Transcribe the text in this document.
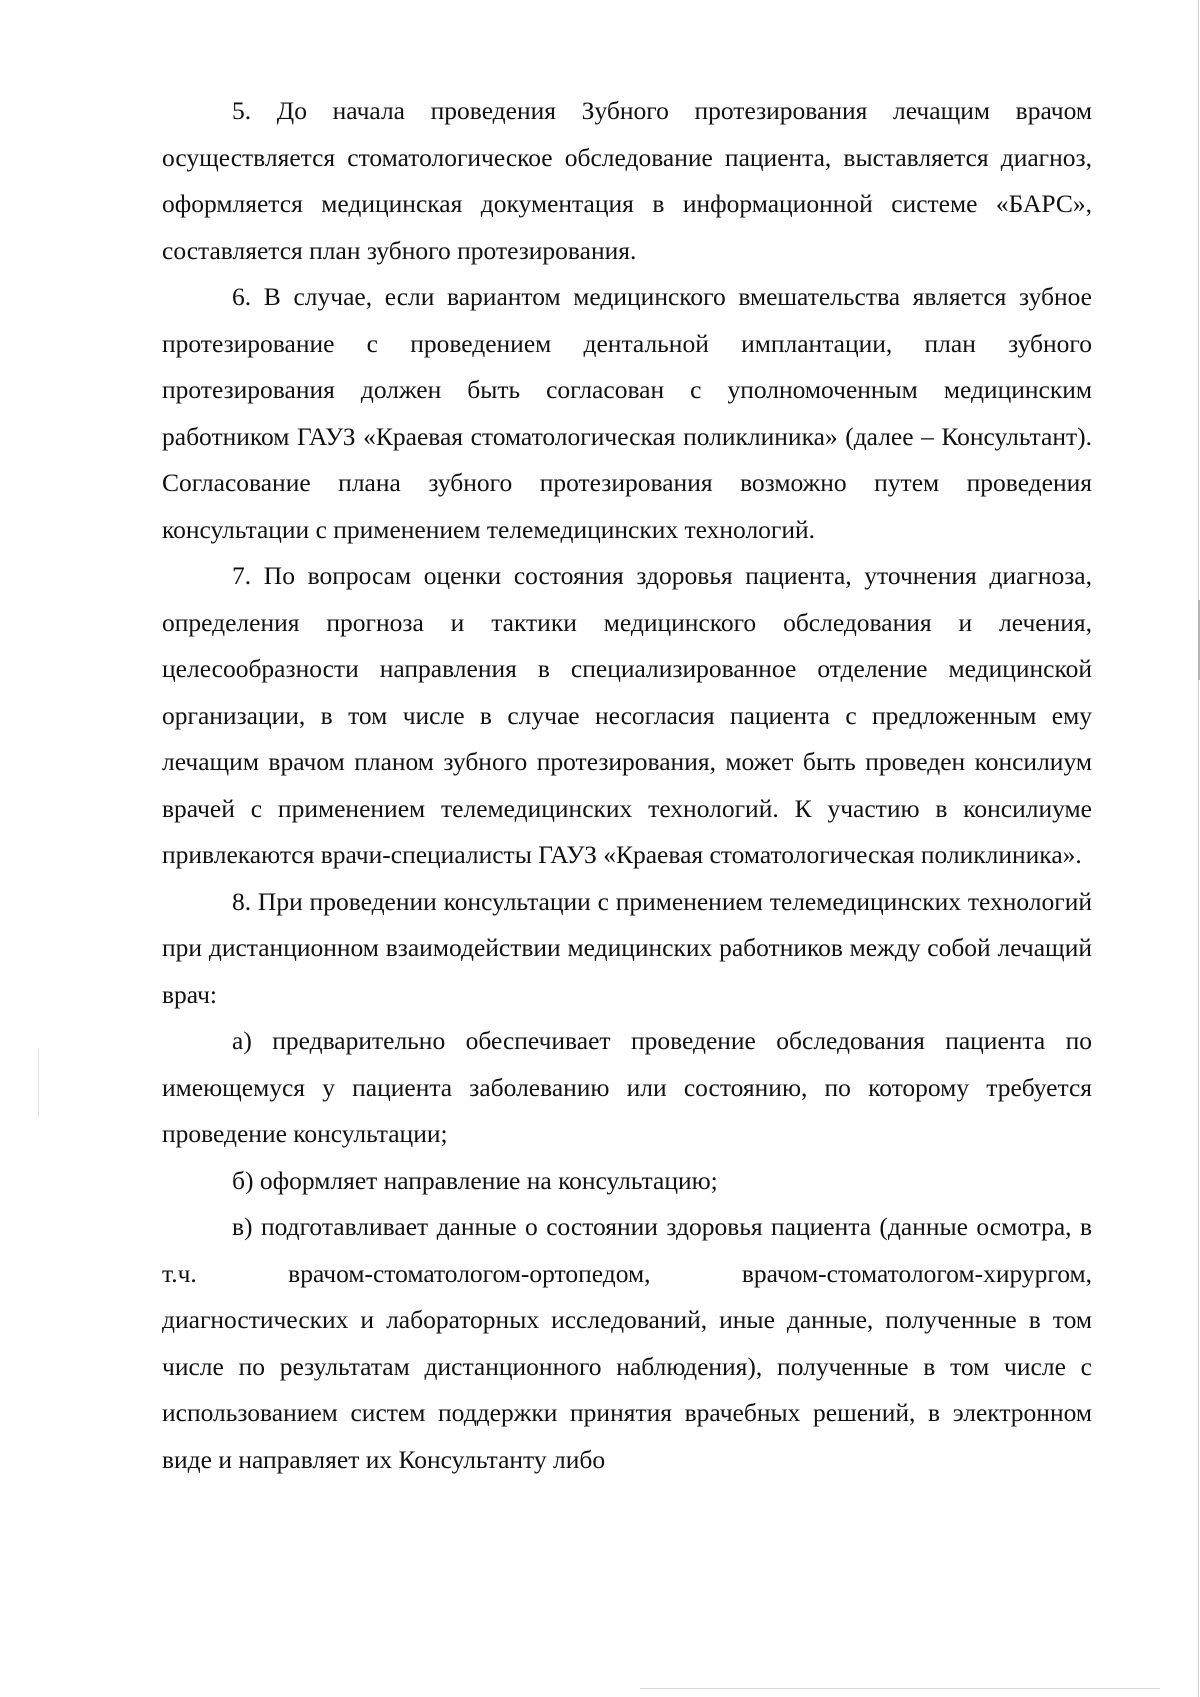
5. До начала проведения Зубного протезирования лечащим врачом осуществляется стоматологическое обследование пациента, выставляется диагноз, оформляется медицинская документация в информационной системе «БАРС», составляется план зубного протезирования.

6. В случае, если вариантом медицинского вмешательства является зубное протезирование с проведением дентальной имплантации, план зубного протезирования должен быть согласован с уполномоченным медицинским работником ГАУЗ «Краевая стоматологическая поликлиника» (далее – Консультант). Согласование плана зубного протезирования возможно путем проведения консультации с применением телемедицинских технологий.

7. По вопросам оценки состояния здоровья пациента, уточнения диагноза, определения прогноза и тактики медицинского обследования и лечения, целесообразности направления в специализированное отделение медицинской организации, в том числе в случае несогласия пациента с предложенным ему лечащим врачом планом зубного протезирования, может быть проведен консилиум врачей с применением телемедицинских технологий. К участию в консилиуме привлекаются врачи-специалисты ГАУЗ «Краевая стоматологическая поликлиника».

8. При проведении консультации с применением телемедицинских технологий при дистанционном взаимодействии медицинских работников между собой лечащий врач:

а) предварительно обеспечивает проведение обследования пациента по имеющемуся у пациента заболеванию или состоянию, по которому требуется проведение консультации;

б) оформляет направление на консультацию;

в) подготавливает данные о состоянии здоровья пациента (данные осмотра, в т.ч. врачом-стоматологом-ортопедом, врачом-стоматологом-хирургом, диагностических и лабораторных исследований, иные данные, полученные в том числе по результатам дистанционного наблюдения), полученные в том числе с использованием систем поддержки принятия врачебных решений, в электронном виде и направляет их Консультанту либо
